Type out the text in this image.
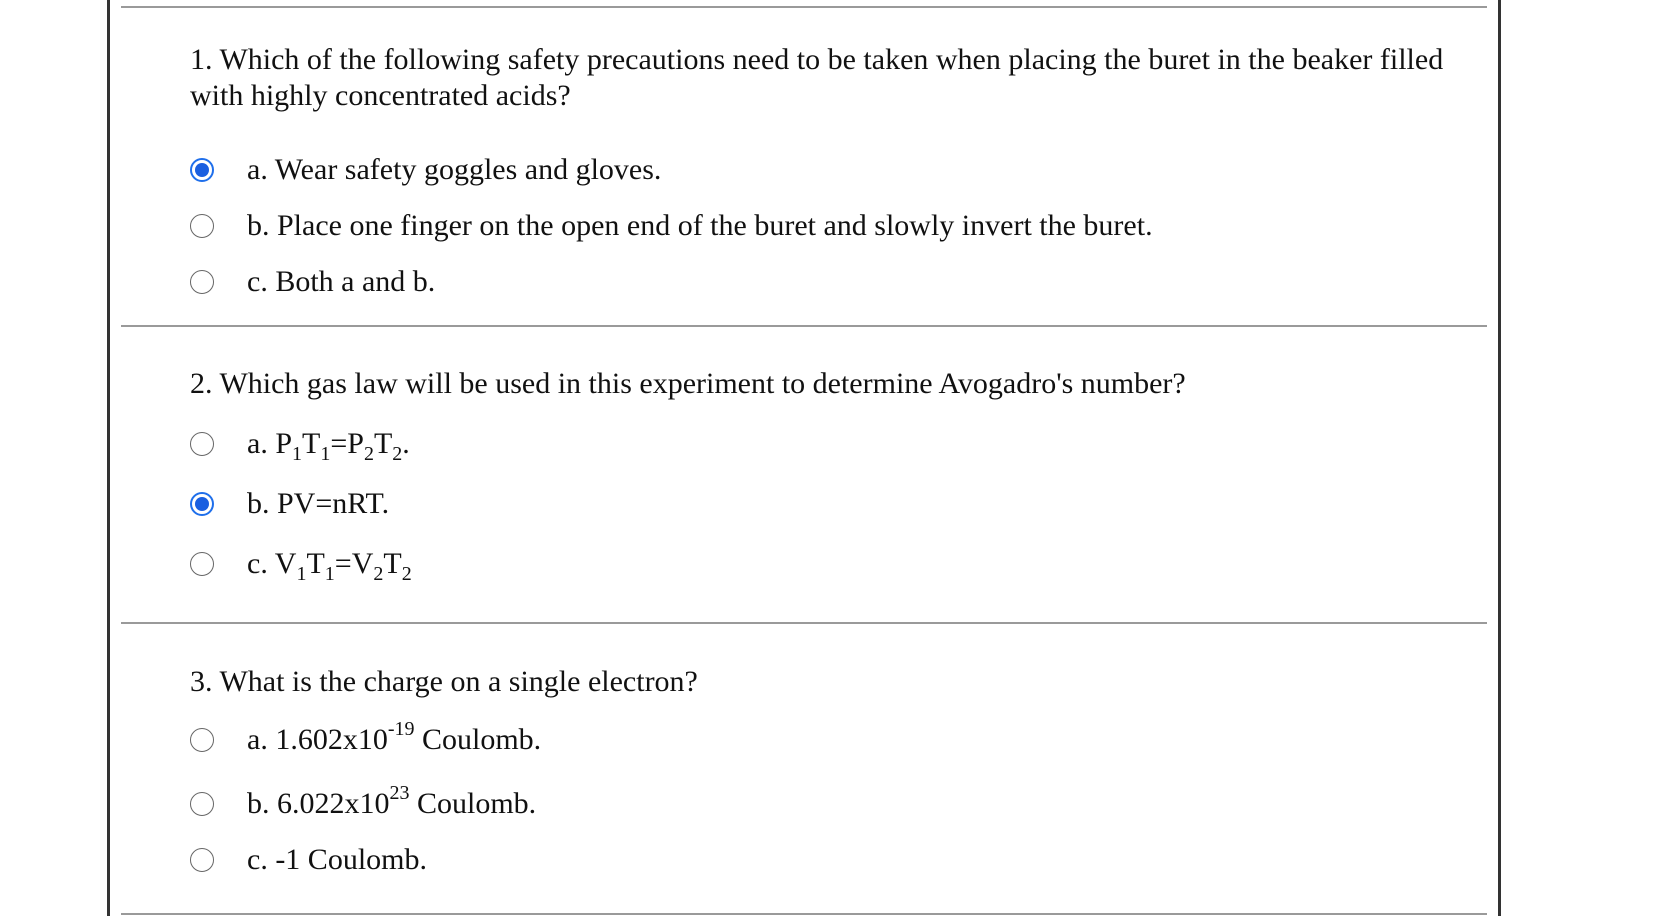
1. Which of the following safety precautions need to be taken when placing the buret in the beaker filled with highly concentrated acids?

a. Wear safety goggles and gloves.
b. Place one finger on the open end of the buret and slowly invert the buret.
c. Both a and b.

2. Which gas law will be used in this experiment to determine Avogadro's number?

a. $P_1T_1=P_2T_2$.
b. PV=nRT.
c. $V_1T_1=V_2T_2$

3. What is the charge on a single electron?

a. $1.602x10^{-19}$ Coulomb.
b. $6.022x10^{23}$ Coulomb.
c. -1 Coulomb.
